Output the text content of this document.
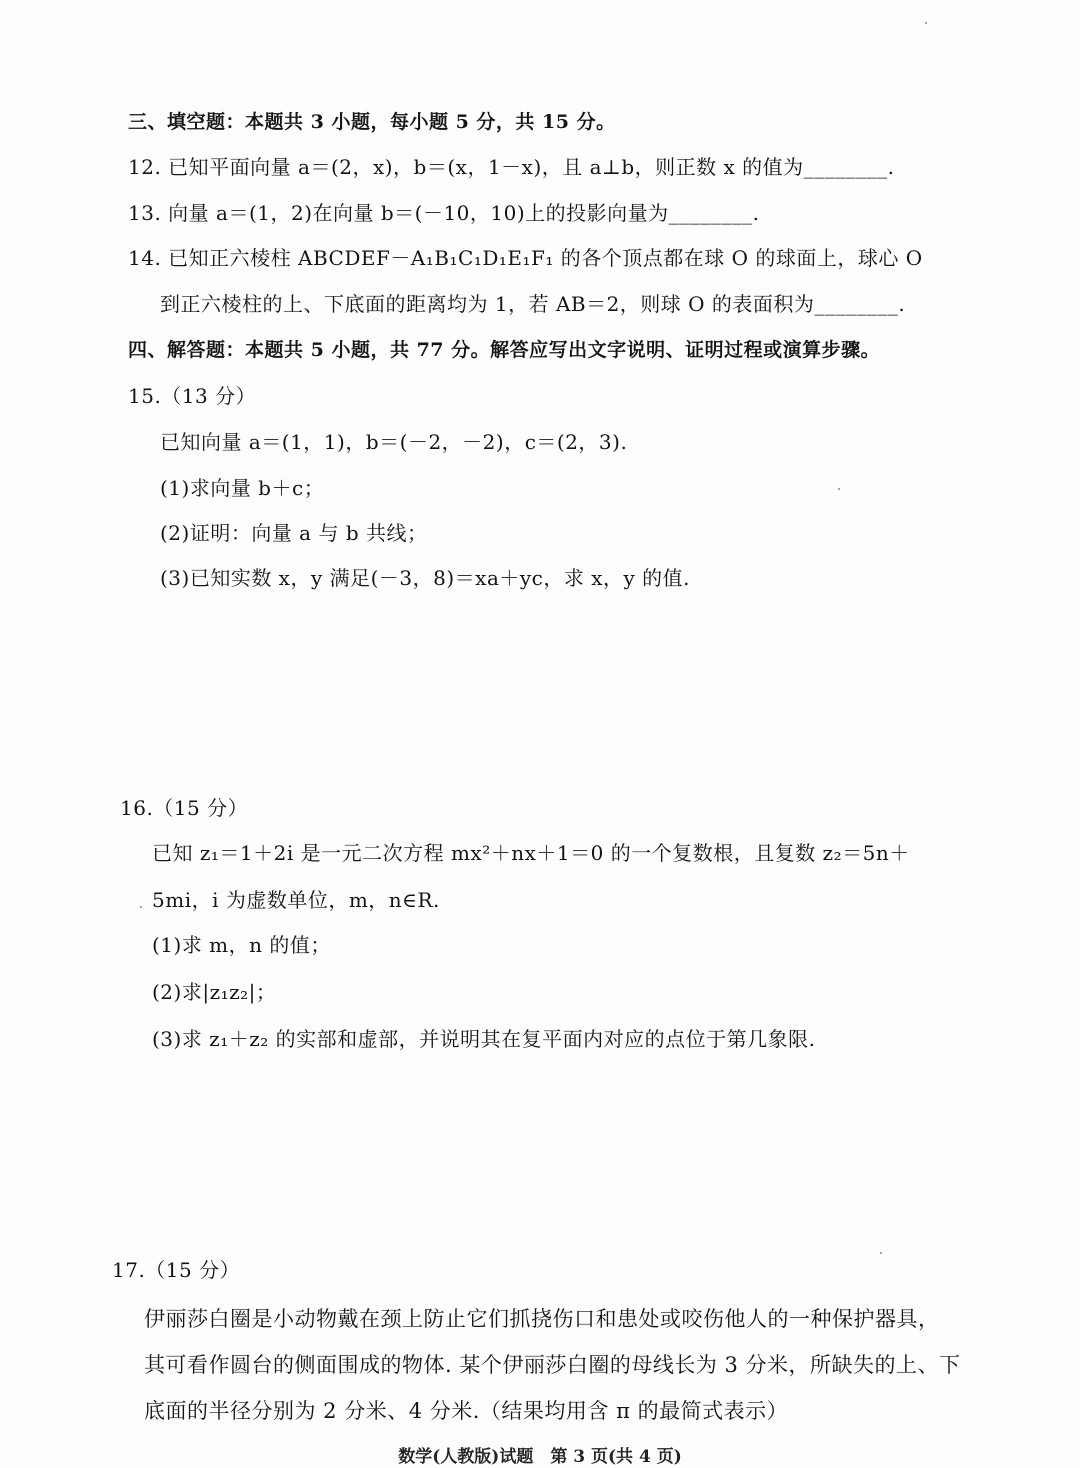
三、填空题：本题共 3 小题，每小题 5 分，共 15 分。
12. 已知平面向量 a＝(2，x)，b＝(x，1－x)，且 a⊥b，则正数 x 的值为________.
13. 向量 a＝(1，2)在向量 b＝(－10，10)上的投影向量为________.
14. 已知正六棱柱 ABCDEF－A₁B₁C₁D₁E₁F₁ 的各个顶点都在球 O 的球面上，球心 O
到正六棱柱的上、下底面的距离均为 1，若 AB＝2，则球 O 的表面积为________.
四、解答题：本题共 5 小题，共 77 分。解答应写出文字说明、证明过程或演算步骤。
15.（13 分）
已知向量 a＝(1，1)，b＝(－2，－2)，c＝(2，3).
(1)求向量 b＋c；
(2)证明：向量 a 与 b 共线；
(3)已知实数 x，y 满足(－3，8)＝xa＋yc，求 x，y 的值.
16.（15 分）
已知 z₁＝1＋2i 是一元二次方程 mx²＋nx＋1＝0 的一个复数根，且复数 z₂＝5n＋
5mi，i 为虚数单位，m，n∈R.
(1)求 m，n 的值；
(2)求|z₁z₂|；
(3)求 z₁＋z₂ 的实部和虚部，并说明其在复平面内对应的点位于第几象限.
17.（15 分）
伊丽莎白圈是小动物戴在颈上防止它们抓挠伤口和患处或咬伤他人的一种保护器具，
其可看作圆台的侧面围成的物体. 某个伊丽莎白圈的母线长为 3 分米，所缺失的上、下
底面的半径分别为 2 分米、4 分米.（结果均用含 π 的最简式表示）
数学(人教版)试题　第 3 页(共 4 页)
